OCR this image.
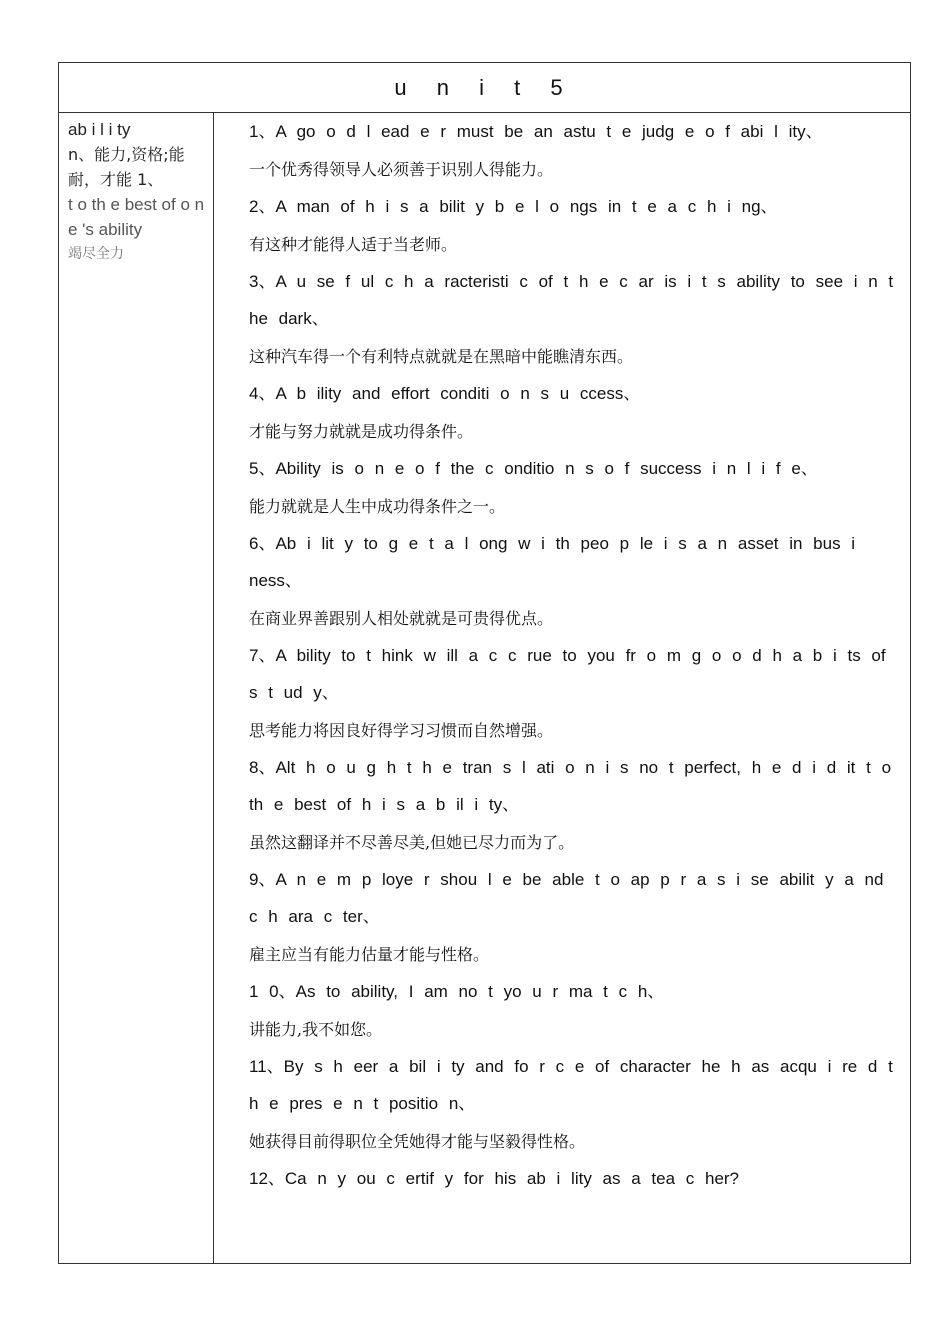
u n i t 5
ab i l i ty
n、能力,资格;能耐，才能 1、
t o th e best of o n e 's ability
竭尽全力
1、A go o d l ead e r must be an astu t e judg e o f abi l ity、
一个优秀得领导人必须善于识别人得能力。
2、A man of h i s a bilit y b e l o ngs in t e a c h i ng、
有这种才能得人适于当老师。
3、A u se f ul c h a racteristi c of t h e c ar is i t s ability to see i n t he dark、
这种汽车得一个有利特点就就是在黑暗中能瞧清东西。
4、A b ility and effort conditi o n s u ccess、
才能与努力就就是成功得条件。
5、Ability is o n e o f the c onditio n s o f success i n l i f e、
能力就就是人生中成功得条件之一。
6、Ab i lit y to g e t a l ong w i th peo p le i s a n asset in bus i ness、
在商业界善跟别人相处就就是可贵得优点。
7、A bility to t hink w ill a c c rue to you fr o m g o o d h a b i ts of s t ud y、
思考能力将因良好得学习习惯而自然增强。
8、Alt h o u g h t h e tran s l ati o n i s no t perfect, h e d i d it t o th e best of h i s a b il i ty、
虽然这翻译并不尽善尽美,但她已尽力而为了。
9、A n e m p loye r shou l e be able t o ap p r a s i se abilit y a nd c h ara c ter、
雇主应当有能力估量才能与性格。
1 0、As to ability, I am no t yo u r ma t c h、
讲能力,我不如您。
11、By s h eer a bil i ty and fo r c e of character he h as acqu i re d t h e pres e n t positio n、
她获得目前得职位全凭她得才能与坚毅得性格。
12、Ca n y ou c ertif y for his ab i lity as a tea c her?
